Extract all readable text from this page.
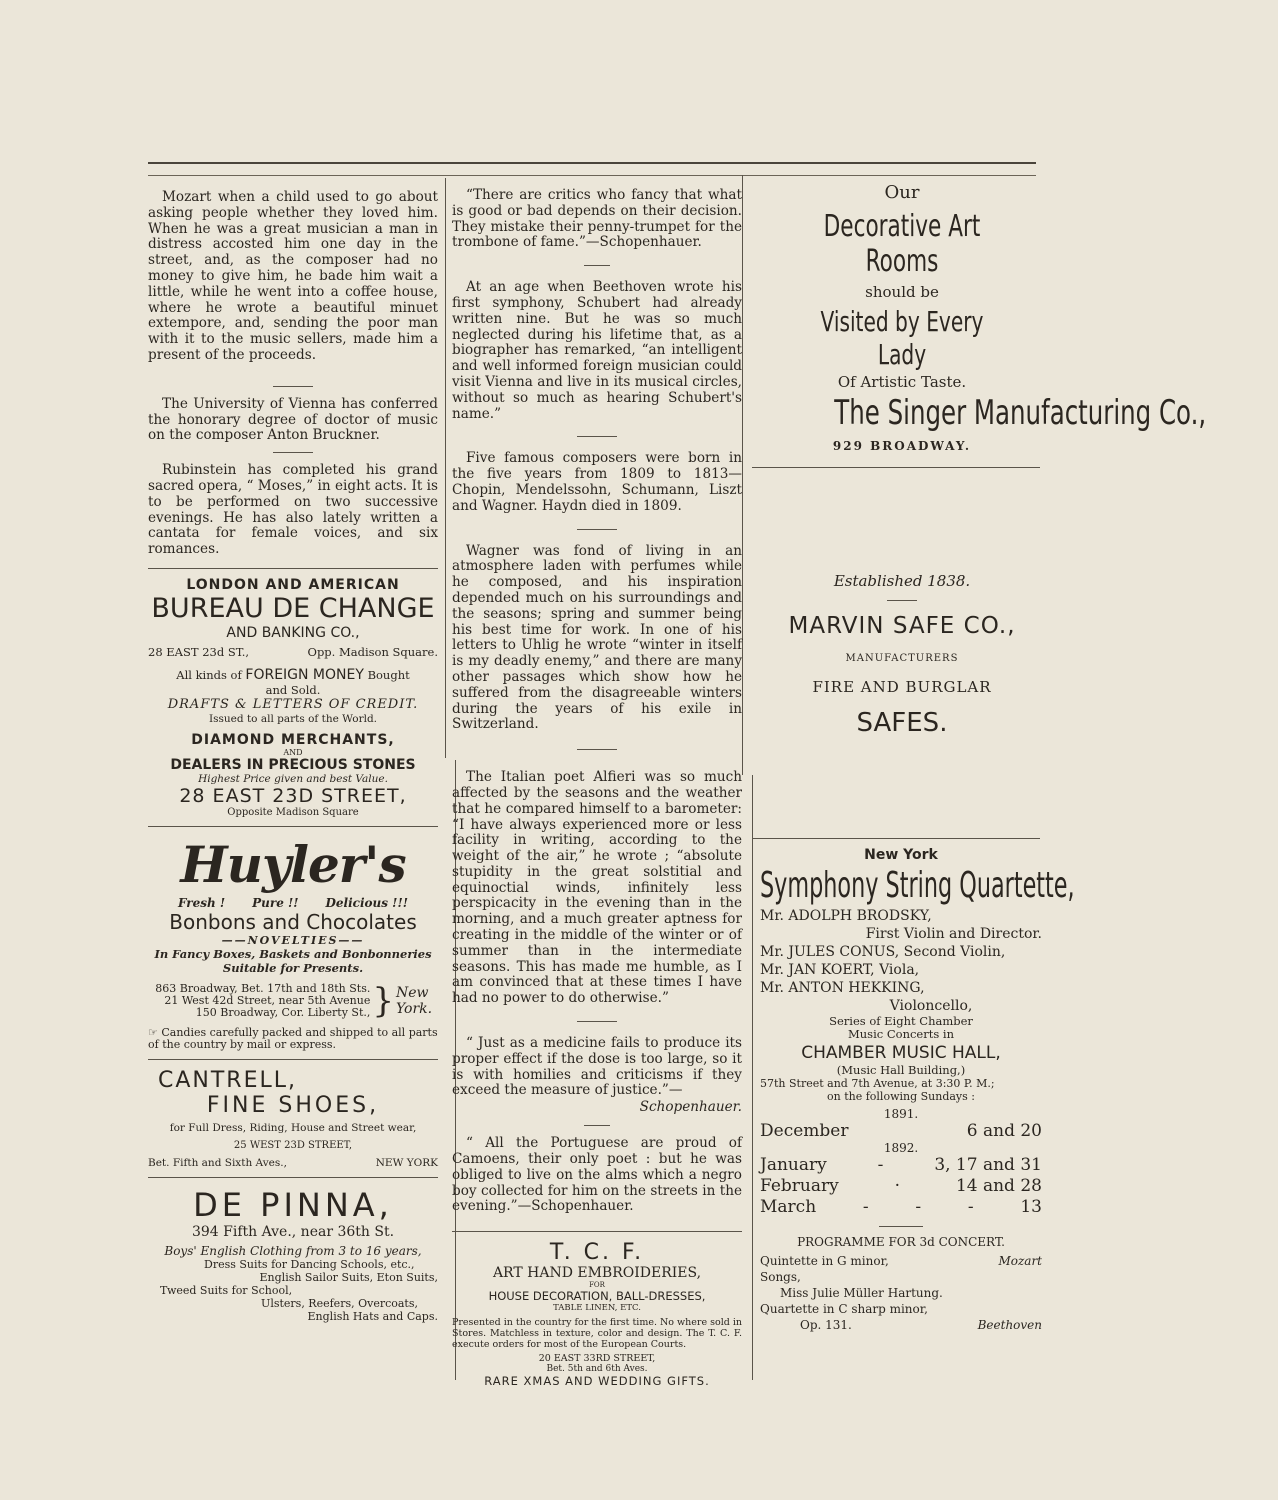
Mozart when a child used to go about asking people whether they loved him. When he was a great musician a man in distress accosted him one day in the street, and, as the composer had no money to give him, he bade him wait a little, while he went into a coffee house, where he wrote a beautiful minuet extempore, and, sending the poor man with it to the music sellers, made him a present of the proceeds.

The University of Vienna has conferred the honorary degree of doctor of music on the composer Anton Bruckner.

Rubinstein has completed his grand sacred opera, “ Moses,” in eight acts. It is to be performed on two successive evenings. He has also lately written a cantata for female voices, and six romances.

LONDON AND AMERICAN
BUREAU DE CHANGE
AND BANKING CO.,
28 EAST 23d ST.,	Opp. Madison Square.
All kinds of FOREIGN MONEY Bought
and Sold.
DRAFTS & LETTERS OF CREDIT.
Issued to all parts of the World.
DIAMOND MERCHANTS,
AND
DEALERS IN PRECIOUS STONES
Highest Price given and best Value.
28 EAST 23D STREET,
Opposite Madison Square
Huyler's
Fresh ! Pure !! Delicious !!!
Bonbons and Chocolates
——NOVELTIES——
In Fancy Boxes, Baskets and Bonbonneries Suitable for Presents.
863 Broadway, Bet. 17th and 18th Sts.
21 West 42d Street, near 5th Avenue
150 Broadway, Cor. Liberty St., } New York.
☞ Candies carefully packed and shipped to all parts of the country by mail or express.
CANTRELL,
FINE SHOES,
for Full Dress, Riding, House and Street wear,
25 WEST 23D STREET,
Bet. Fifth and Sixth Aves.,	NEW YORK
DE PINNA,
394 Fifth Ave., near 36th St.
Boys' English Clothing from 3 to 16 years,
Dress Suits for Dancing Schools, etc.,
English Sailor Suits, Eton Suits,
Tweed Suits for School,
Ulsters, Reefers, Overcoats,
English Hats and Caps.

“There are critics who fancy that what is good or bad depends on their decision. They mistake their penny-trumpet for the trombone of fame.”—Schopenhauer.

At an age when Beethoven wrote his first symphony, Schubert had already written nine. But he was so much neglected during his lifetime that, as a biographer has remarked, “an intelligent and well informed foreign musician could visit Vienna and live in its musical circles, without so much as hearing Schubert's name.”

Five famous composers were born in the five years from 1809 to 1813—Chopin, Mendelssohn, Schumann, Liszt and Wagner. Haydn died in 1809.

Wagner was fond of living in an atmosphere laden with perfumes while he composed, and his inspiration depended much on his surroundings and the seasons; spring and summer being his best time for work. In one of his letters to Uhlig he wrote “winter in itself is my deadly enemy,” and there are many other passages which show how he suffered from the disagreeable winters during the years of his exile in Switzerland.

The Italian poet Alfieri was so much affected by the seasons and the weather that he compared himself to a barometer: “I have always experienced more or less facility in writing, according to the weight of the air,” he wrote ; “absolute stupidity in the great solstitial and equinoctial winds, infinitely less perspicacity in the evening than in the morning, and a much greater aptness for creating in the middle of the winter or of summer than in the intermediate seasons. This has made me humble, as I am convinced that at these times I have had no power to do otherwise.”

“ Just as a medicine fails to produce its proper effect if the dose is too large, so it is with homilies and criticisms if they exceed the measure of justice.”—

Schopenhauer.

“ All the Portuguese are proud of Camoens, their only poet : but he was obliged to live on the alms which a negro boy collected for him on the streets in the evening.”—Schopenhauer.

T. C. F.
ART HAND EMBROIDERIES,
FOR
HOUSE DECORATION, BALL-DRESSES,
TABLE LINEN, ETC.
Presented in the country for the first time. No where sold in Stores. Matchless in texture, color and design. The T. C. F. execute orders for most of the European Courts.
20 EAST 33RD STREET,
Bet. 5th and 6th Aves.
RARE XMAS AND WEDDING GIFTS.
Our
Decorative Art Rooms
should be
Visited by Every Lady
Of Artistic Taste.
The Singer Manufacturing Co.,
929 BROADWAY.
Established 1838.
MARVIN SAFE CO.,
MANUFACTURERS
FIRE AND BURGLAR
SAFES.
New York
Symphony String Quartette,
Mr. ADOLPH BRODSKY,
First Violin and Director.
Mr. JULES CONUS, Second Violin,
Mr. JAN KOERT, Viola,
Mr. ANTON HEKKING,
Violoncello,
Series of Eight Chamber
Music Concerts in
CHAMBER MUSIC HALL,
(Music Hall Building,)
57th Street and 7th Avenue, at 3:30 P. M.;
on the following Sundays :
1891.
December	6 and 20
1892.
January	-	3, 17 and 31
February	·	14 and 28
March	-	-	-	13
PROGRAMME FOR 3d CONCERT.
Quintette in G minor,	Mozart
Songs,
Miss Julie Müller Hartung.
Quartette in C sharp minor,
Op. 131.	Beethoven
